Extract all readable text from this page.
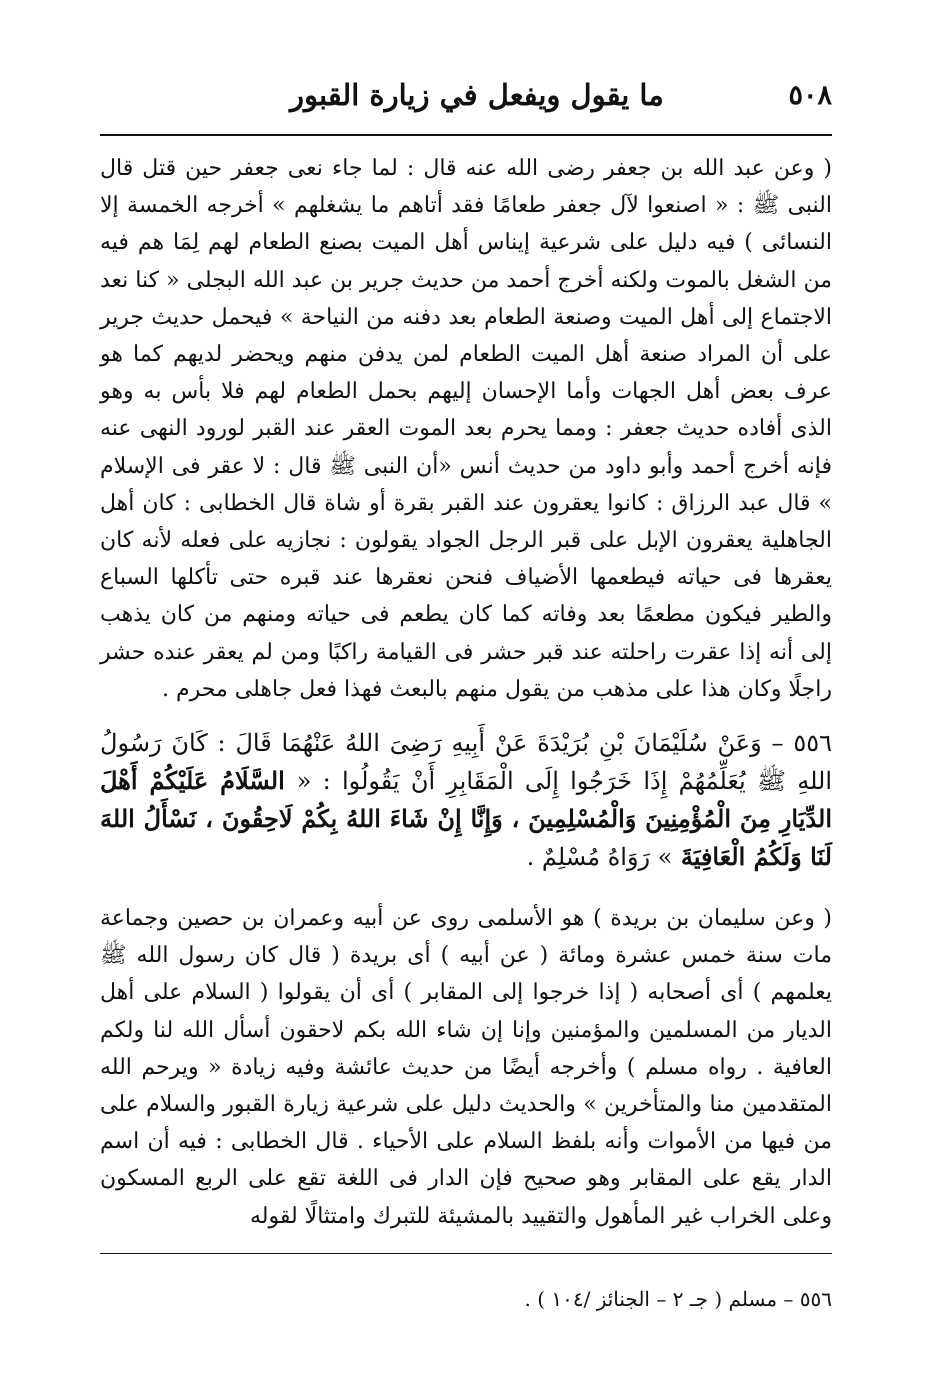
٥٠٨
ما يقول ويفعل في زيارة القبور

( وعن عبد الله بن جعفر رضى الله عنه قال : لما جاء نعى جعفر حين قتل قال النبى ﷺ : « اصنعوا لآل جعفر طعامًا فقد أتاهم ما يشغلهم » أخرجه الخمسة إلا النسائى ) فيه دليل على شرعية إيناس أهل الميت بصنع الطعام لهم لِمَا هم فيه من الشغل بالموت ولكنه أخرج أحمد من حديث جرير بن عبد الله البجلى « كنا نعد الاجتماع إلى أهل الميت وصنعة الطعام بعد دفنه من النياحة » فيحمل حديث جرير على أن المراد صنعة أهل الميت الطعام لمن يدفن منهم ويحضر لديهم كما هو عرف بعض أهل الجهات وأما الإحسان إليهم بحمل الطعام لهم فلا بأس به وهو الذى أفاده حديث جعفر : ومما يحرم بعد الموت العقر عند القبر لورود النهى عنه فإنه أخرج أحمد وأبو داود من حديث أنس «أن النبى ﷺ قال : لا عقر فى الإسلام » قال عبد الرزاق : كانوا يعقرون عند القبر بقرة أو شاة قال الخطابى : كان أهل الجاهلية يعقرون الإبل على قبر الرجل الجواد يقولون : نجازيه على فعله لأنه كان يعقرها فى حياته فيطعمها الأضياف فنحن نعقرها عند قبره حتى تأكلها السباع والطير فيكون مطعمًا بعد وفاته كما كان يطعم فى حياته ومنهم من كان يذهب إلى أنه إذا عقرت راحلته عند قبر حشر فى القيامة راكبًا ومن لم يعقر عنده حشر راجلًا وكان هذا على مذهب من يقول منهم بالبعث فهذا فعل جاهلى محرم .

٥٥٦ – وَعَنْ سُلَيْمَانَ بْنِ بُرَيْدَةَ عَنْ أَبِيهِ رَضِىَ اللهُ عَنْهُمَا قَالَ : كَانَ رَسُولُ اللهِ ﷺ يُعَلِّمُهُمْ إِذَا خَرَجُوا إِلَى الْمَقَابِرِ أَنْ يَقُولُوا : « السَّلَامُ عَلَيْكُمْ أَهْلَ الدِّيَارِ مِنَ الْمُؤْمِنِينَ وَالْمُسْلِمِينَ ، وَإِنَّا إِنْ شَاءَ اللهُ بِكُمْ لَاحِقُونَ ، نَسْأَلُ اللهَ لَنَا وَلَكُمُ الْعَافِيَةَ » رَوَاهُ مُسْلِمٌ .

( وعن سليمان بن بريدة ) هو الأسلمى روى عن أبيه وعمران بن حصين وجماعة مات سنة خمس عشرة ومائة ( عن أبيه ) أى بريدة ( قال كان رسول الله ﷺ يعلمهم ) أى أصحابه ( إذا خرجوا إلى المقابر ) أى أن يقولوا ( السلام على أهل الديار من المسلمين والمؤمنين وإنا إن شاء الله بكم لاحقون أسأل الله لنا ولكم العافية . رواه مسلم ) وأخرجه أيضًا من حديث عائشة وفيه زيادة « ويرحم الله المتقدمين منا والمتأخرين » والحديث دليل على شرعية زيارة القبور والسلام على من فيها من الأموات وأنه بلفظ السلام على الأحياء . قال الخطابى : فيه أن اسم الدار يقع على المقابر وهو صحيح فإن الدار فى اللغة تقع على الربع المسكون وعلى الخراب غير المأهول والتقييد بالمشيئة للتبرك وامتثالًا لقوله

٥٥٦ – مسلم ( جـ ٢ – الجنائز /١٠٤ ) .
